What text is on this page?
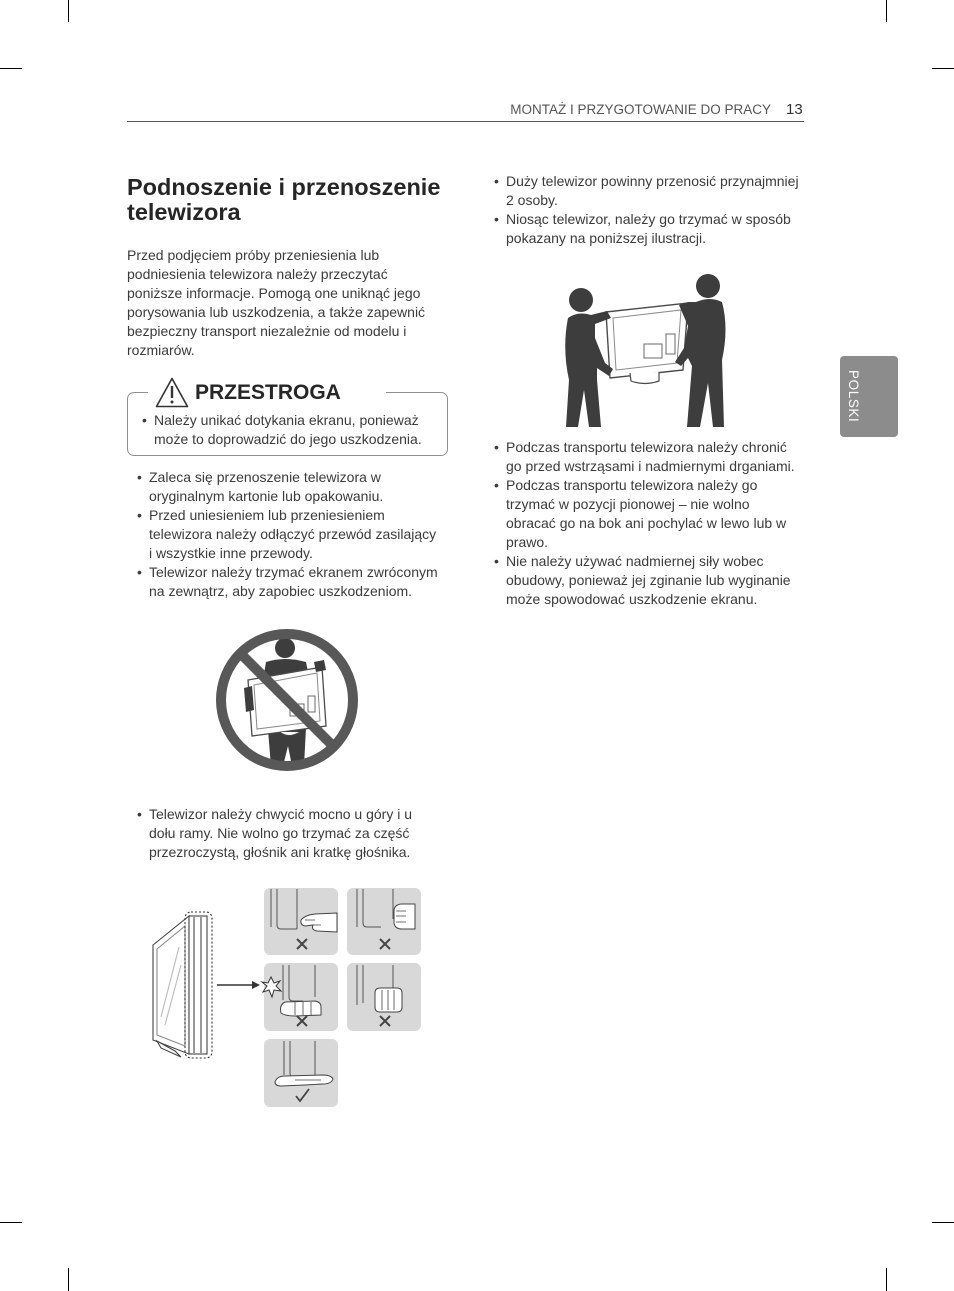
MONTAŻ I PRZYGOTOWANIE DO PRACY 13
POLSKI
Podnoszenie i przenoszenie telewizora
Przed podjęciem próby przeniesienia lub
podniesienia telewizora należy przeczytać
poniższe informacje. Pomogą one uniknąć jego
porysowania lub uszkodzenia, a także zapewnić
bezpieczny transport niezależnie od modelu i
rozmiarów.
PRZESTROGA
• Należy unikać dotykania ekranu, ponieważ
może to doprowadzić do jego uszkodzenia.
• Zaleca się przenoszenie telewizora w
oryginalnym kartonie lub opakowaniu.
• Przed uniesieniem lub przeniesieniem
telewizora należy odłączyć przewód zasilający
i wszystkie inne przewody.
• Telewizor należy trzymać ekranem zwróconym
na zewnątrz, aby zapobiec uszkodzeniom.
• Telewizor należy chwycić mocno u góry i u
dołu ramy. Nie wolno go trzymać za część
przezroczystą, głośnik ani kratkę głośnika.
• Duży telewizor powinny przenosić przynajmniej
2 osoby.
• Niosąc telewizor, należy go trzymać w sposób
pokazany na poniższej ilustracji.
• Podczas transportu telewizora należy chronić
go przed wstrząsami i nadmiernymi drganiami.
• Podczas transportu telewizora należy go
trzymać w pozycji pionowej – nie wolno
obracać go na bok ani pochylać w lewo lub w
prawo.
• Nie należy używać nadmiernej siły wobec
obudowy, ponieważ jej zginanie lub wyginanie
może spowodować uszkodzenie ekranu.
